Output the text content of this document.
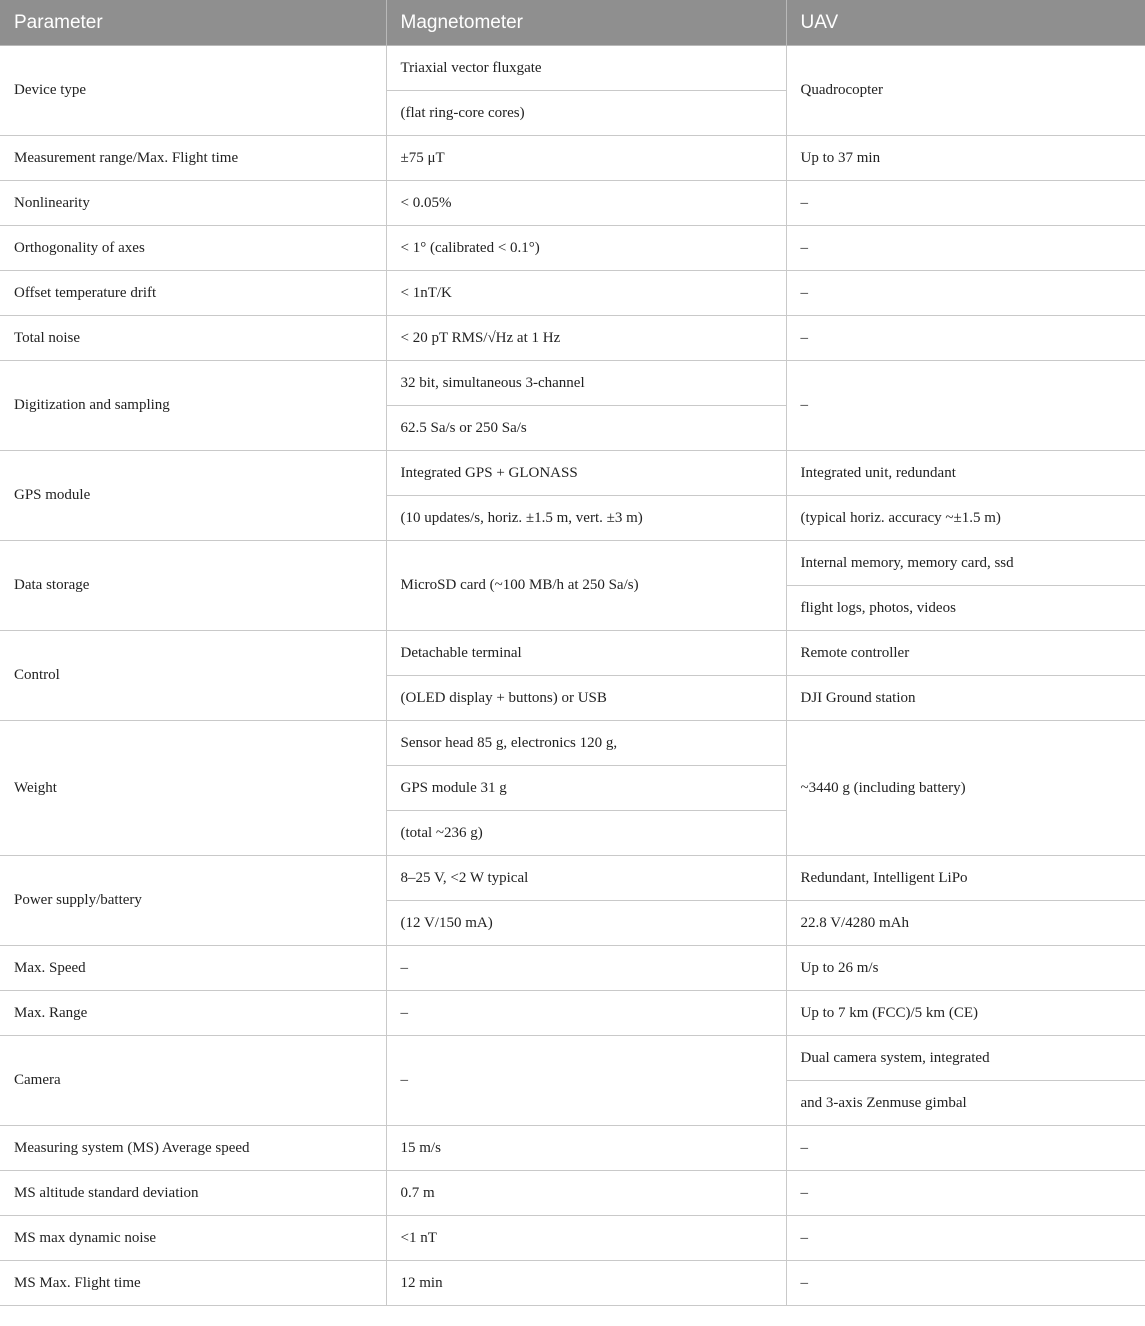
Parameter	Magnetometer	UAV
Device type	Triaxial vector fluxgate	Quadrocopter
	(flat ring-core cores)	
Measurement range/Max. Flight time	±75 μT	Up to 37 min
Nonlinearity	< 0.05%	–
Orthogonality of axes	< 1° (calibrated < 0.1°)	–
Offset temperature drift	< 1nT/K	–
Total noise	< 20 pT RMS/√Hz at 1 Hz	–
Digitization and sampling	32 bit, simultaneous 3-channel	–
	62.5 Sa/s or 250 Sa/s	
GPS module	Integrated GPS + GLONASS	Integrated unit, redundant
	(10 updates/s, horiz. ±1.5 m, vert. ±3 m)	(typical horiz. accuracy ~±1.5 m)
Data storage	MicroSD card (~100 MB/h at 250 Sa/s)	Internal memory, memory card, ssd
		flight logs, photos, videos
Control	Detachable terminal	Remote controller
	(OLED display + buttons) or USB	DJI Ground station
Weight	Sensor head 85 g, electronics 120 g,	~3440 g (including battery)
	GPS module 31 g	
	(total ~236 g)	
Power supply/battery	8–25 V, <2 W typical	Redundant, Intelligent LiPo
	(12 V/150 mA)	22.8 V/4280 mAh
Max. Speed	–	Up to 26 m/s
Max. Range	–	Up to 7 km (FCC)/5 km (CE)
Camera	–	Dual camera system, integrated
		and 3-axis Zenmuse gimbal
Measuring system (MS) Average speed	15 m/s	–
MS altitude standard deviation	0.7 m	–
MS max dynamic noise	<1 nT	–
MS Max. Flight time	12 min	–
